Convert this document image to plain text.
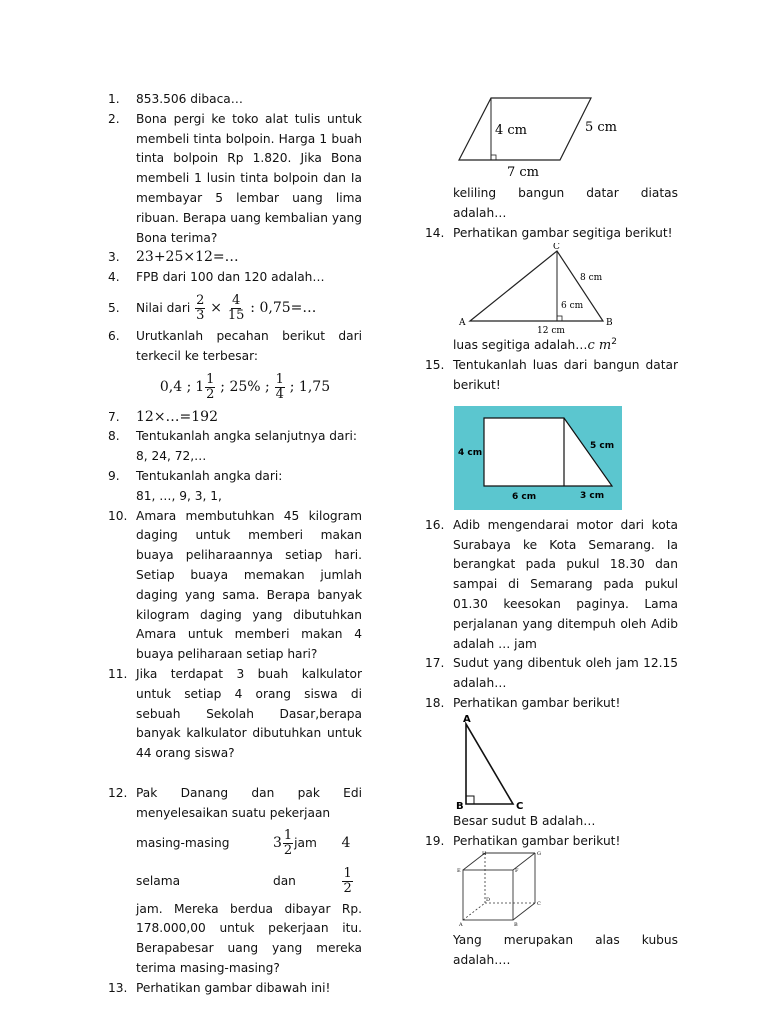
1.	853.506 dibaca…
2.	Bona pergi ke toko alat tulis untuk membeli tinta bolpoin. Harga 1 buah tinta bolpoin Rp 1.820. Jika Bona membeli 1 lusin tinta bolpoin dan Ia membayar 5 lembar uang lima ribuan. Berapa uang kembalian yang Bona terima?
3.	23+25×12=…
4.	FPB dari 100 dan 120 adalah…
5.	Nilai dari $\frac{2}{3} \times \frac{4}{15}$ : 0,75=…
6.	Urutkanlah pecahan berikut dari terkecil ke terbesar:
0,4 ; $1 \frac{1}{2}$ ; 25% ; $\frac{1}{4}$ ; 1,75
7.	12×…=192
8.	Tentukanlah angka selanjutnya dari:
8, 24, 72,…
9.	Tentukanlah angka dari:
81, …, 9, 3, 1,
10. Amara membutuhkan 45 kilogram daging untuk memberi makan buaya peliharaannya setiap hari. Setiap buaya memakan jumlah daging yang sama. Berapa banyak kilogram daging yang dibutuhkan Amara untuk memberi makan 4 buaya peliharaan setiap hari?
11. Jika terdapat 3 buah kalkulator untuk setiap 4 orang siswa di sebuah Sekolah Dasar,berapa banyak kalkulator dibutuhkan untuk 44 orang siswa?
12. Pak Danang dan pak Edi menyelesaikan suatu pekerjaan
masing-masing selama
$3 \frac{1}{2}$ jam dan
4
$\frac{1}{2}$
jam. Mereka berdua dibayar Rp. 178.000,00 untuk pekerjaan itu. Berapabesar uang yang mereka terima masing-masing?
13. Perhatikan gambar dibawah ini!
4 cm	5 cm
7 cm
keliling bangun datar diatas adalah…
14. Perhatikan gambar segitiga berikut!
C
A	B
8 cm
6 cm
12 cm
luas segitiga adalah…c $m^2$
15. Tentukanlah luas dari bangun datar berikut!
4 cm
5 cm
6 cm	3 cm
16. Adib mengendarai motor dari kota Surabaya ke Kota Semarang. Ia berangkat pada pukul 18.30 dan sampai di Semarang pada pukul 01.30 keesokan paginya. Lama perjalanan yang ditempuh oleh Adib adalah … jam
17. Sudut yang dibentuk oleh jam 12.15 adalah…
18. Perhatikan gambar berikut!
A
B	C
Besar sudut B adalah…
19. Perhatikan gambar berikut!
H	G
E	F
D
C
A	B
Yang merupakan alas kubus adalah….
